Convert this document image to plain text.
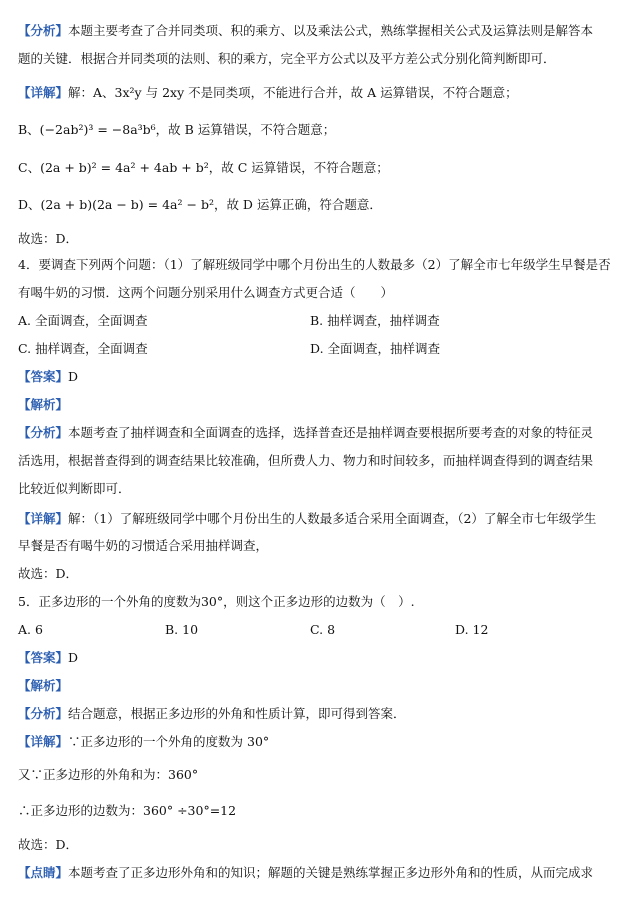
【分析】本题主要考查了合并同类项、积的乘方、以及乘法公式，熟练掌握相关公式及运算法则是解答本
题的关键．根据合并同类项的法则、积的乘方，完全平方公式以及平方差公式分别化简判断即可．
【详解】解：A、3x²y 与 2xy 不是同类项，不能进行合并，故 A 运算错误，不符合题意；
B、(−2ab²)³ = −8a³b⁶，故 B 运算错误，不符合题意；
C、(2a + b)² = 4a² + 4ab + b²，故 C 运算错误，不符合题意；
D、(2a + b)(2a − b) = 4a² − b²，故 D 运算正确，符合题意．
故选：D．
4．要调查下列两个问题：（1）了解班级同学中哪个月份出生的人数最多（2）了解全市七年级学生早餐是否
有喝牛奶的习惯．这两个问题分别采用什么调查方式更合适（　　）
A. 全面调查，全面调查	B. 抽样调查，抽样调查
C. 抽样调查，全面调查	D. 全面调查，抽样调查
【答案】D
【解析】
【分析】本题考查了抽样调查和全面调查的选择，选择普查还是抽样调查要根据所要考查的对象的特征灵
活选用，根据普查得到的调查结果比较准确，但所费人力、物力和时间较多，而抽样调查得到的调查结果
比较近似判断即可．
【详解】解：（1）了解班级同学中哪个月份出生的人数最多适合采用全面调查，（2）了解全市七年级学生
早餐是否有喝牛奶的习惯适合采用抽样调查，
故选：D．
5．正多边形的一个外角的度数为30°，则这个正多边形的边数为（　）.
A. 6	B. 10	C. 8	D. 12
【答案】D
【解析】
【分析】结合题意，根据正多边形的外角和性质计算，即可得到答案．
【详解】∵正多边形的一个外角的度数为 30°
又∵正多边形的外角和为：360°
∴正多边形的边数为：360° ÷30°=12
故选：D．
【点睛】本题考查了正多边形外角和的知识；解题的关键是熟练掌握正多边形外角和的性质，从而完成求
